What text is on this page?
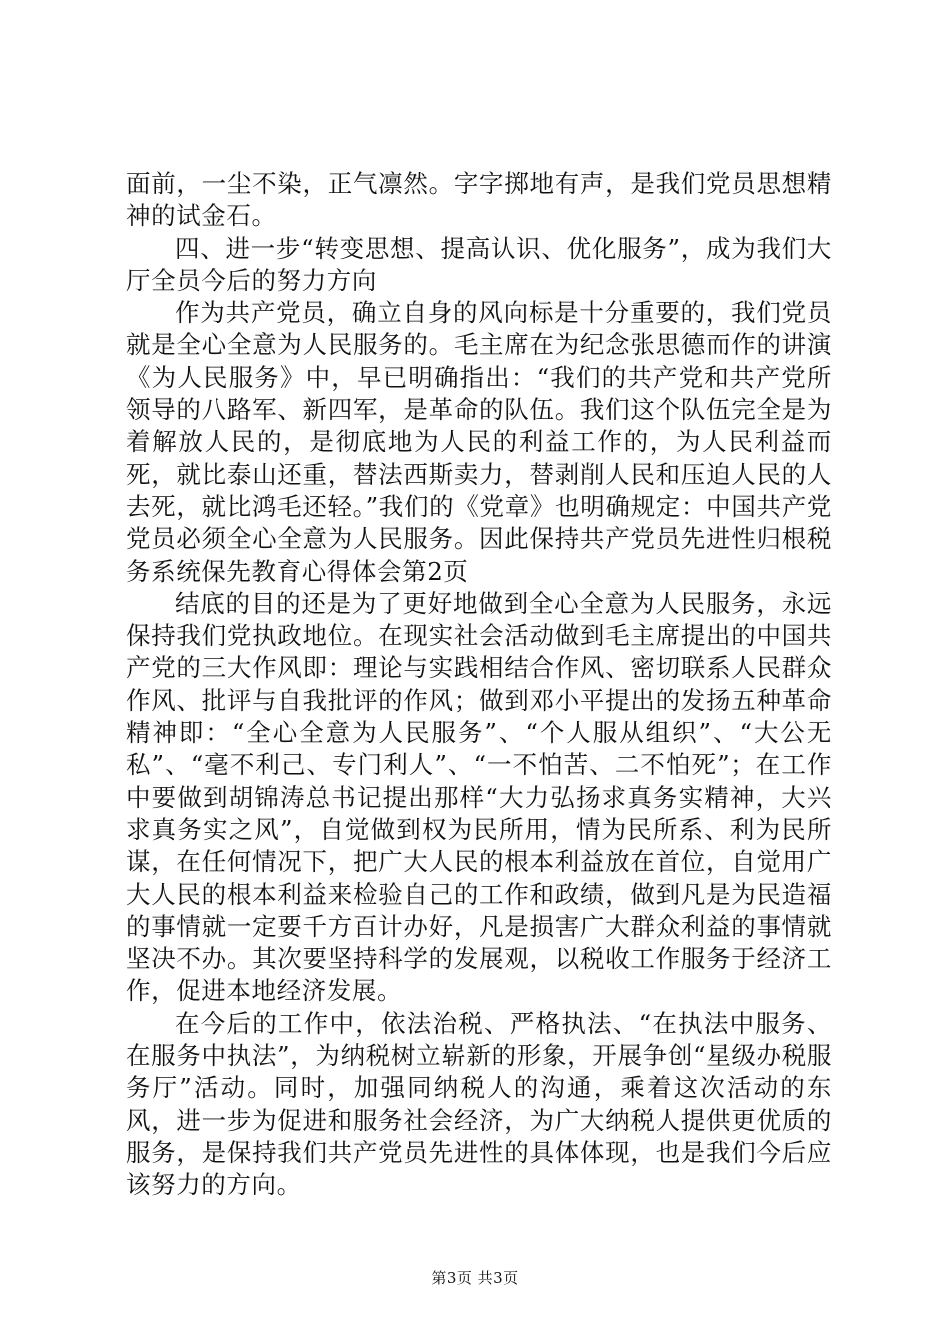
面前，一尘不染，正气凛然。字字掷地有声，是我们党员思想精神的试金石。

四、进一步“转变思想、提高认识、优化服务”，成为我们大厅全员今后的努力方向

作为共产党员，确立自身的风向标是十分重要的，我们党员就是全心全意为人民服务的。毛主席在为纪念张思德而作的讲演《为人民服务》中，早已明确指出：“我们的共产党和共产党所领导的八路军、新四军，是革命的队伍。我们这个队伍完全是为着解放人民的，是彻底地为人民的利益工作的，为人民利益而死，就比泰山还重，替法西斯卖力，替剥削人民和压迫人民的人去死，就比鸿毛还轻。”我们的《党章》也明确规定：中国共产党党员必须全心全意为人民服务。因此保持共产党员先进性归根税务系统保先教育心得体会第2页

结底的目的还是为了更好地做到全心全意为人民服务，永远保持我们党执政地位。在现实社会活动做到毛主席提出的中国共产党的三大作风即：理论与实践相结合作风、密切联系人民群众作风、批评与自我批评的作风；做到邓小平提出的发扬五种革命精神即：“全心全意为人民服务”、“个人服从组织”、“大公无私”、“毫不利己、专门利人”、“一不怕苦、二不怕死”；在工作中要做到胡锦涛总书记提出那样“大力弘扬求真务实精神，大兴求真务实之风”，自觉做到权为民所用，情为民所系、利为民所谋，在任何情况下，把广大人民的根本利益放在首位，自觉用广大人民的根本利益来检验自己的工作和政绩，做到凡是为民造福的事情就一定要千方百计办好，凡是损害广大群众利益的事情就坚决不办。其次要坚持科学的发展观，以税收工作服务于经济工作，促进本地经济发展。

在今后的工作中，依法治税、严格执法、“在执法中服务、在服务中执法”，为纳税树立崭新的形象，开展争创“星级办税服务厅”活动。同时，加强同纳税人的沟通，乘着这次活动的东风，进一步为促进和服务社会经济，为广大纳税人提供更优质的服务，是保持我们共产党员先进性的具体体现，也是我们今后应该努力的方向。

第3页 共3页
